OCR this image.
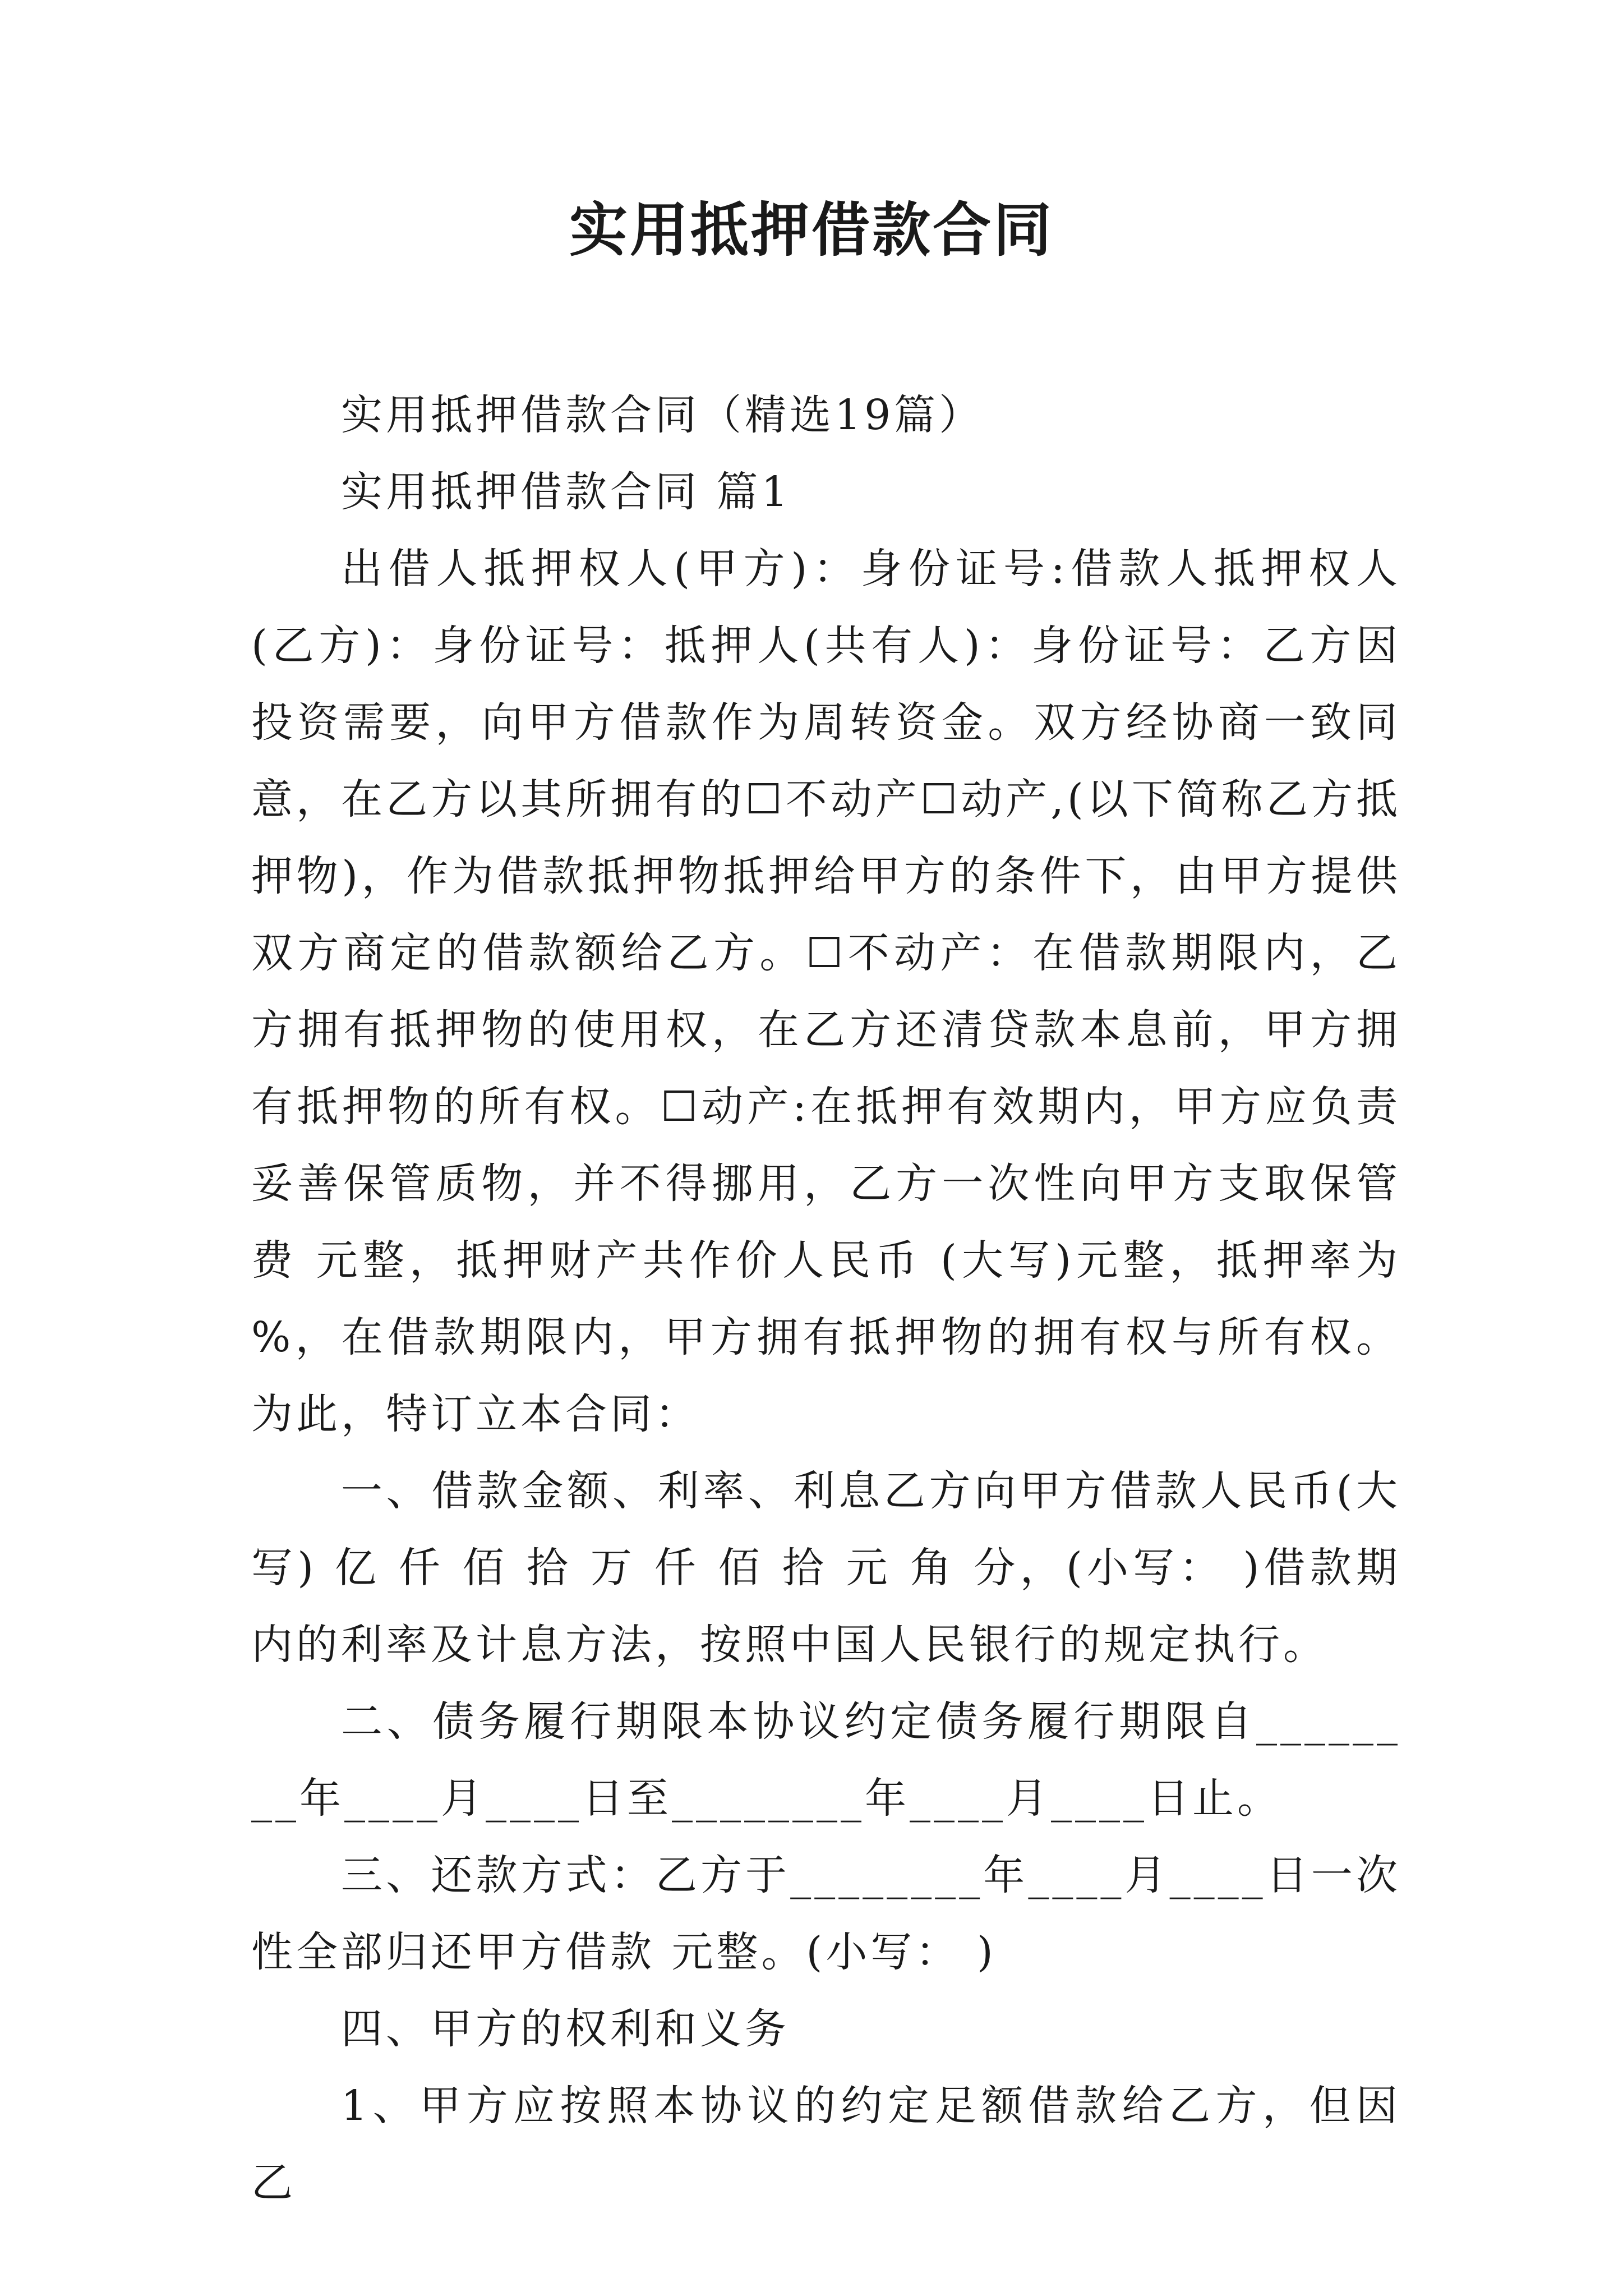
实用抵押借款合同

实用抵押借款合同（精选19篇）

实用抵押借款合同 篇1

出借人抵押权人(甲方)：身份证号:借款人抵押权人(乙方)：身份证号：抵押人(共有人)：身份证号：乙方因投资需要，向甲方借款作为周转资金。双方经协商一致同意，在乙方以其所拥有的☐不动产☐动产,(以下简称乙方抵押物)，作为借款抵押物抵押给甲方的条件下，由甲方提供双方商定的借款额给乙方。☐不动产：在借款期限内，乙方拥有抵押物的使用权，在乙方还清贷款本息前，甲方拥有抵押物的所有权。☐动产:在抵押有效期内，甲方应负责妥善保管质物，并不得挪用，乙方一次性向甲方支取保管费 元整，抵押财产共作价人民币 (大写)元整，抵押率为 %，在借款期限内，甲方拥有抵押物的拥有权与所有权。为此，特订立本合同：

一、借款金额、利率、利息乙方向甲方借款人民币(大写) 亿 仟 佰 拾 万 仟 佰 拾 元 角 分，(小写： )借款期内的利率及计息方法，按照中国人民银行的规定执行。

二、债务履行期限本协议约定债务履行期限自________年____月____日至________年____月____日止。

三、还款方式：乙方于________年____月____日一次性全部归还甲方借款 元整。(小写： )

四、甲方的权利和义务

1、甲方应按照本协议的约定足额借款给乙方，但因乙
